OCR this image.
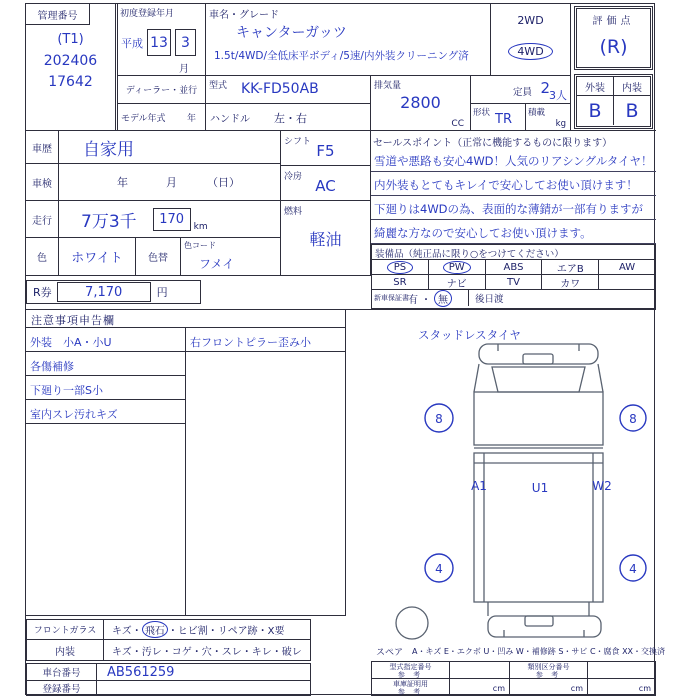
管理番号
(T1)
202406
17642
初度登録年月
平成 13 3
月
車名・グレード
キャンターガッツ
1.5t/4WD/全低床平ボディ/5速/内外装クリーニング済
2WD
4WD
評価点
(R)
外装	内装
B	B
ディーラー・並行
モデル年式 年
型式 KK-FD50AB
ハンドル 左・右
排気量
2800
CC
定員 2 3人
形状 TR 積載
kg
車歴	自家用
車検	年	月	（日）
走行	7万3千	170
km
色	ホワイト	色替
色コード
フメイ
R券	7,170	円
シフト F5
冷房 AC
燃料
軽油
セールスポイント（正常に機能するものに限ります）
雪道や悪路も安心4WD！人気のリアシングルタイヤ！
内外装もとてもキレイで安心してお使い頂けます！
下廻りは4WDの為、表面的な薄錆が一部有りますが
綺麗な方なので安心してお使い頂けます。
装備品（純正品に限り○をつけてください）
PS	PW	ABS	エアB	AW
SR	ナビ	TV	カワ
新車保証書 有 ・ 無	後日渡
注意事項申告欄
外装　小A・小U
各傷補修
下廻り一部S小
室内スレ汚れキズ
右フロントピラー歪み小
スタッドレスタイヤ
8	8
4	4
A1	U1	W2
スペア A・キズ E・エクボ U・凹み W・補修跡 S・サビ C・腐食 XX・交換済
フロントガラス	キズ・ 飛石 ・ヒビ割・リペア跡・X要
内装	キズ・汚レ・コゲ・穴・スレ・キレ・破レ
車台番号	AB561259
登録番号
型式指定番号
参 考
類別区分番号
参 考
車庫証明用
参 考	cm	cm	cm
